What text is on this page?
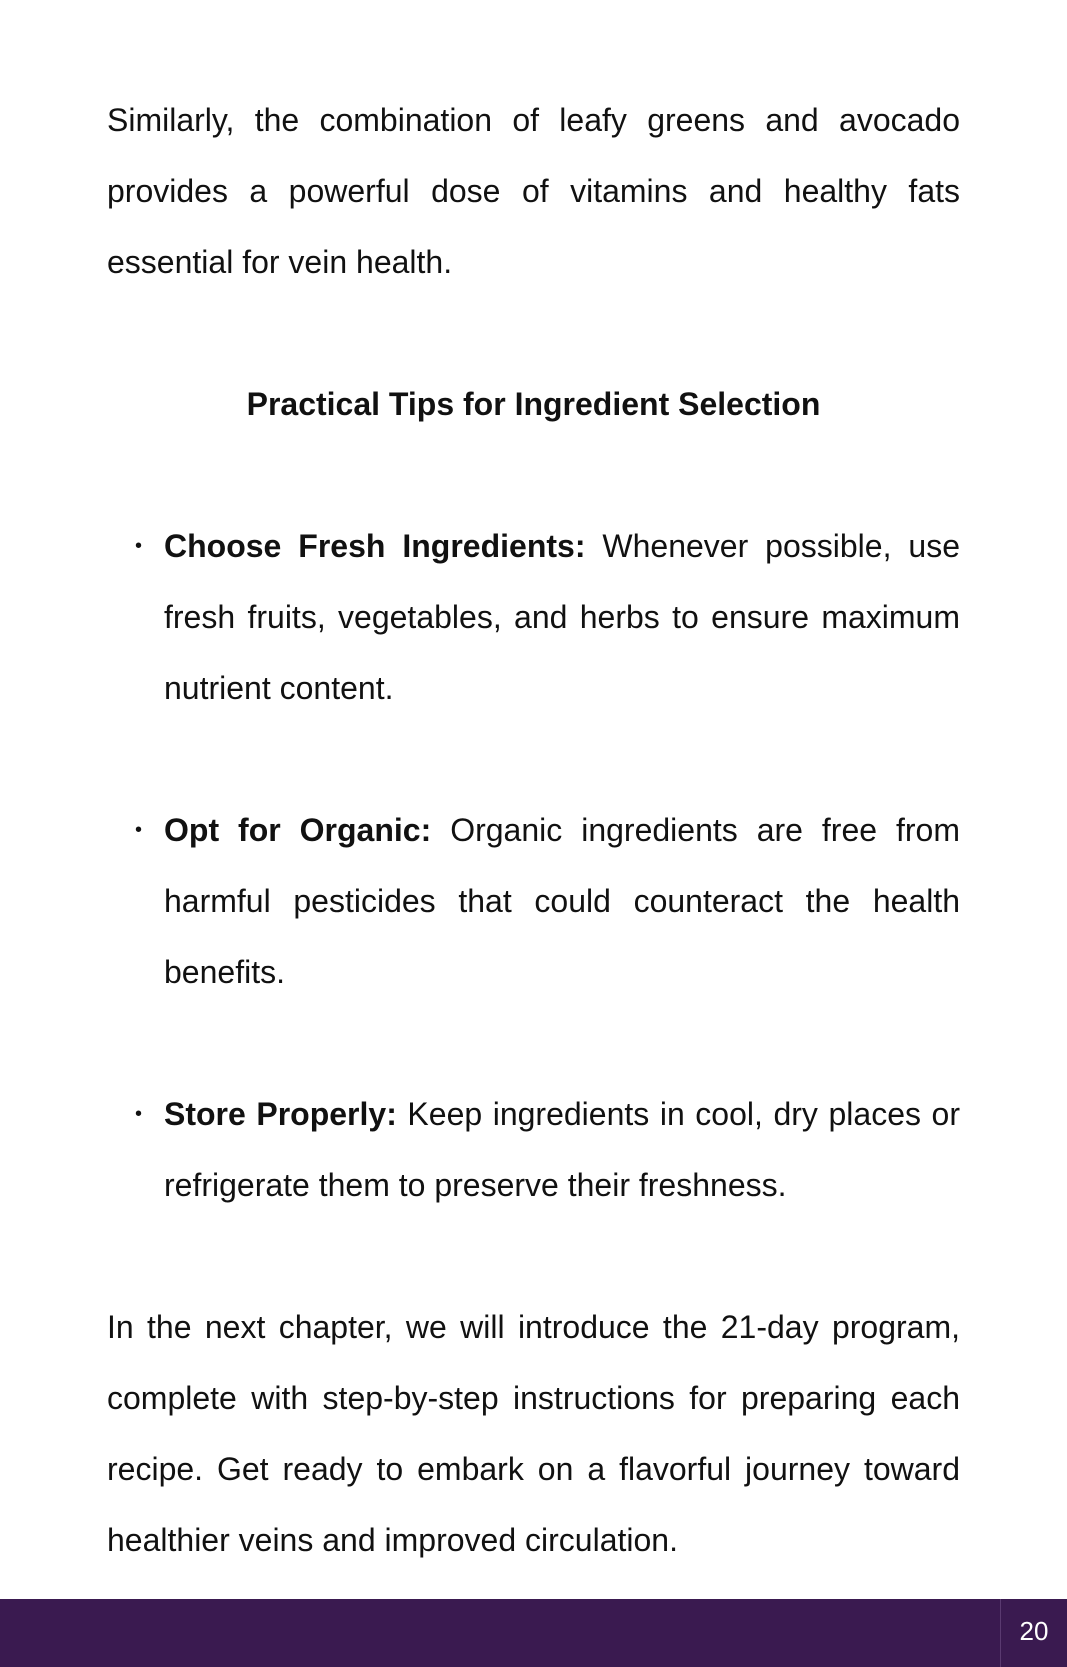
Similarly, the combination of leafy greens and avocado provides a powerful dose of vitamins and healthy fats essential for vein health.

Practical Tips for Ingredient Selection
• Choose Fresh Ingredients: Whenever possible, use fresh fruits, vegetables, and herbs to ensure maximum nutrient content.
• Opt for Organic: Organic ingredients are free from harmful pesticides that could counteract the health benefits.
• Store Properly: Keep ingredients in cool, dry places or refrigerate them to preserve their freshness.

In the next chapter, we will introduce the 21-day program, complete with step-by-step instructions for preparing each recipe. Get ready to embark on a flavorful journey toward healthier veins and improved circulation.

20
